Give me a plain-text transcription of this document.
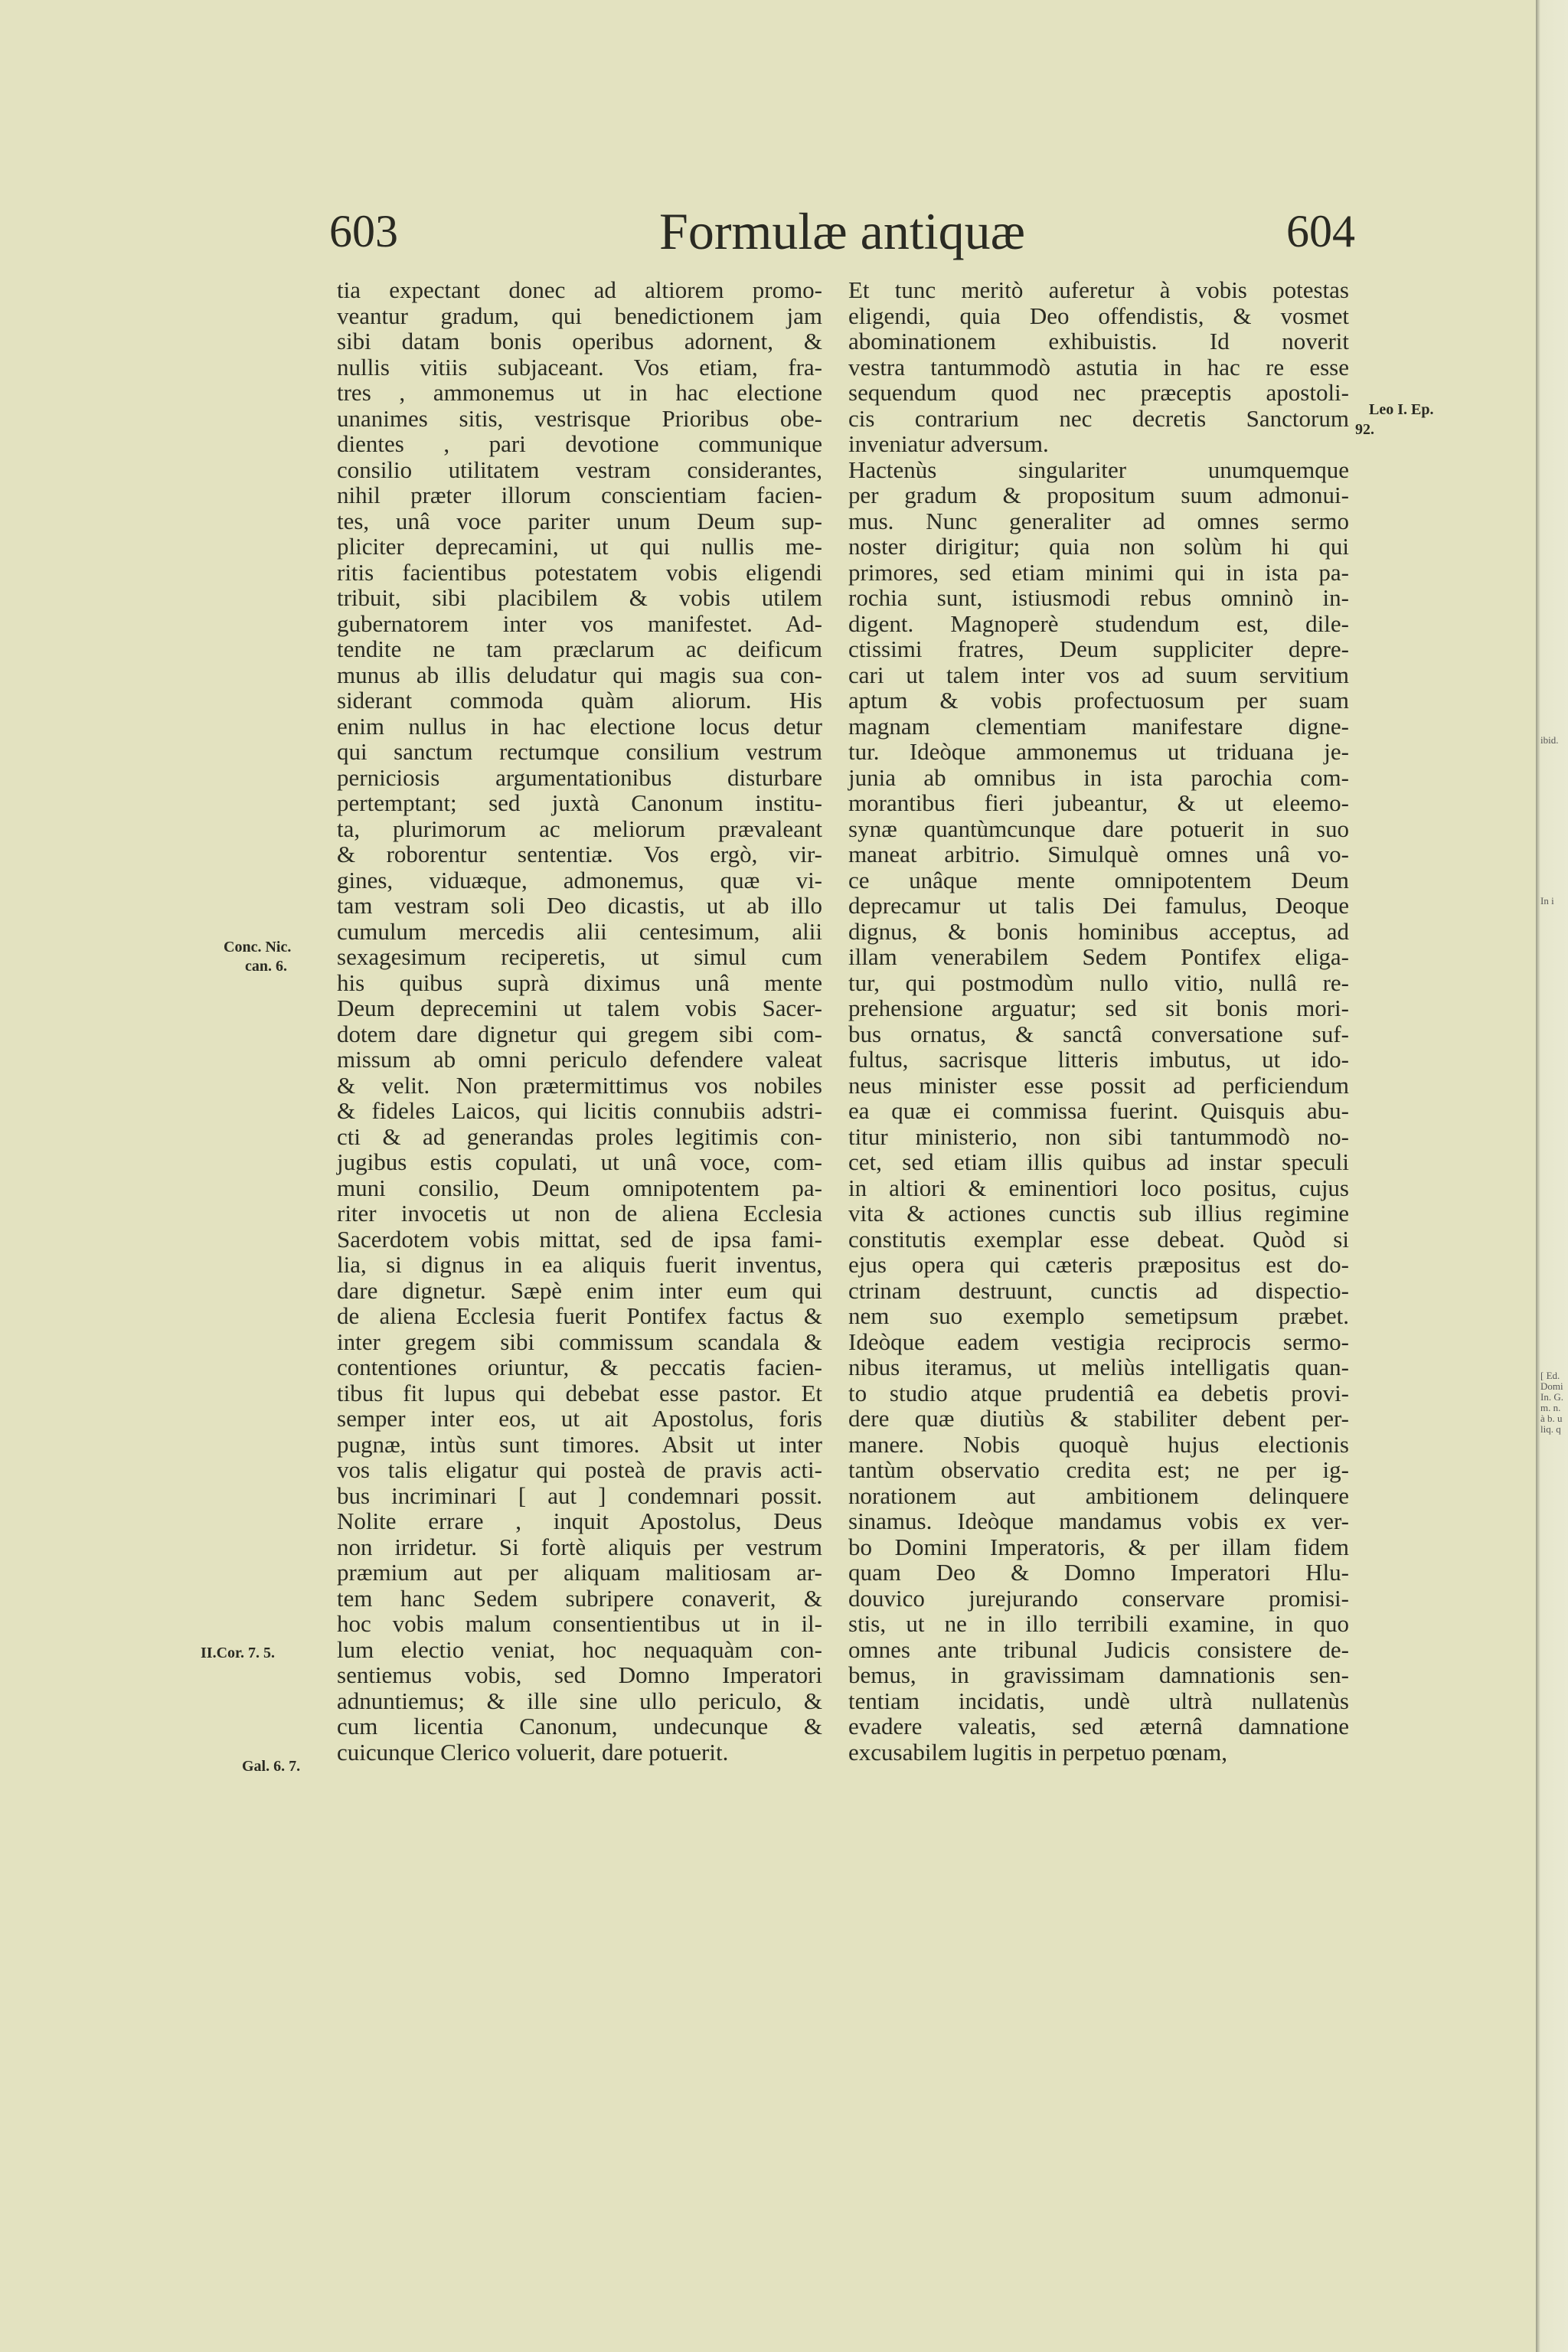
ibid.
In i
[ Ed.
Domi
In. G.
m. n.
à b. u
liq. q
603	Formulæ antiquæ	604
tia expectant donec ad altiorem promo-
veantur gradum, qui benedictionem jam
sibi datam bonis operibus adornent, &
nullis vitiis subjaceant. Vos etiam, fra-
tres , ammonemus ut in hac electione
unanimes sitis, vestrisque Prioribus obe-
dientes , pari devotione communique
consilio utilitatem vestram considerantes,
nihil præter illorum conscientiam facien-
tes, unâ voce pariter unum Deum sup-
pliciter deprecamini, ut qui nullis me-
ritis facientibus potestatem vobis eligendi
tribuit, sibi placibilem & vobis utilem
gubernatorem inter vos manifestet. Ad-
tendite ne tam præclarum ac deificum
munus ab illis deludatur qui magis sua con-
siderant commoda quàm aliorum. His
enim nullus in hac electione locus detur
qui sanctum rectumque consilium vestrum
perniciosis argumentationibus disturbare
pertemptant; sed juxtà Canonum institu-
ta, plurimorum ac meliorum prævaleant
& roborentur sententiæ. Vos ergò, vir-
gines, viduæque, admonemus, quæ vi-
tam vestram soli Deo dicastis, ut ab illo
cumulum mercedis alii centesimum, alii
sexagesimum reciperetis, ut simul cum
his quibus suprà diximus unâ mente
Deum deprecemini ut talem vobis Sacer-
dotem dare dignetur qui gregem sibi com-
missum ab omni periculo defendere valeat
& velit. Non prætermittimus vos nobiles
& fideles Laicos, qui licitis connubiis adstri-
cti & ad generandas proles legitimis con-
jugibus estis copulati, ut unâ voce, com-
muni consilio, Deum omnipotentem pa-
riter invocetis ut non de aliena Ecclesia
Sacerdotem vobis mittat, sed de ipsa fami-
lia, si dignus in ea aliquis fuerit inventus,
dare dignetur. Sæpè enim inter eum qui
de aliena Ecclesia fuerit Pontifex factus &
inter gregem sibi commissum scandala &
contentiones oriuntur, & peccatis facien-
tibus fit lupus qui debebat esse pastor. Et
semper inter eos, ut ait Apostolus, foris
pugnæ, intùs sunt timores. Absit ut inter
vos talis eligatur qui posteà de pravis acti-
bus incriminari [ aut ] condemnari possit.
Nolite errare , inquit Apostolus, Deus
non irridetur. Si fortè aliquis per vestrum
præmium aut per aliquam malitiosam ar-
tem hanc Sedem subripere conaverit, &
hoc vobis malum consentientibus ut in il-
lum electio veniat, hoc nequaquàm con-
sentiemus vobis, sed Domno Imperatori
adnuntiemus; & ille sine ullo periculo, &
cum licentia Canonum, undecunque &
cuicunque Clerico voluerit, dare potuerit.
Et tunc meritò auferetur à vobis potestas
eligendi, quia Deo offendistis, & vosmet
abominationem exhibuistis. Id noverit
vestra tantummodò astutia in hac re esse
sequendum quod nec præceptis apostoli-
cis contrarium nec decretis Sanctorum
inveniatur adversum.
Hactenùs singulariter unumquemque
per gradum & propositum suum admonui-
mus. Nunc generaliter ad omnes sermo
noster dirigitur; quia non solùm hi qui
primores, sed etiam minimi qui in ista pa-
rochia sunt, istiusmodi rebus omninò in-
digent. Magnoperè studendum est, dile-
ctissimi fratres, Deum suppliciter depre-
cari ut talem inter vos ad suum servitium
aptum & vobis profectuosum per suam
magnam clementiam manifestare digne-
tur. Ideòque ammonemus ut triduana je-
junia ab omnibus in ista parochia com-
morantibus fieri jubeantur, & ut eleemo-
synæ quantùmcunque dare potuerit in suo
maneat arbitrio. Simulquè omnes unâ vo-
ce unâque mente omnipotentem Deum
deprecamur ut talis Dei famulus, Deoque
dignus, & bonis hominibus acceptus, ad
illam venerabilem Sedem Pontifex eliga-
tur, qui postmodùm nullo vitio, nullâ re-
prehensione arguatur; sed sit bonis mori-
bus ornatus, & sanctâ conversatione suf-
fultus, sacrisque litteris imbutus, ut ido-
neus minister esse possit ad perficiendum
ea quæ ei commissa fuerint. Quisquis abu-
titur ministerio, non sibi tantummodò no-
cet, sed etiam illis quibus ad instar speculi
in altiori & eminentiori loco positus, cujus
vita & actiones cunctis sub illius regimine
constitutis exemplar esse debeat. Quòd si
ejus opera qui cæteris præpositus est do-
ctrinam destruunt, cunctis ad dispectio-
nem suo exemplo semetipsum præbet.
Ideòque eadem vestigia reciprocis sermo-
nibus iteramus, ut meliùs intelligatis quan-
to studio atque prudentiâ ea debetis provi-
dere quæ diutiùs & stabiliter debent per-
manere. Nobis quoquè hujus electionis
tantùm observatio credita est; ne per ig-
norationem aut ambitionem delinquere
sinamus. Ideòque mandamus vobis ex ver-
bo Domini Imperatoris, & per illam fidem
quam Deo & Domno Imperatori Hlu-
douvico jurejurando conservare promisi-
stis, ut ne in illo terribili examine, in quo
omnes ante tribunal Judicis consistere de-
bemus, in gravissimam damnationis sen-
tentiam incidatis, undè ultrà nullatenùs
evadere valeatis, sed æternâ damnatione
excusabilem lugitis in perpetuo pœnam,
Conc. Nic.
can. 6.
II.Cor. 7. 5.
Gal. 6. 7.
Leo I. Ep.
92.
